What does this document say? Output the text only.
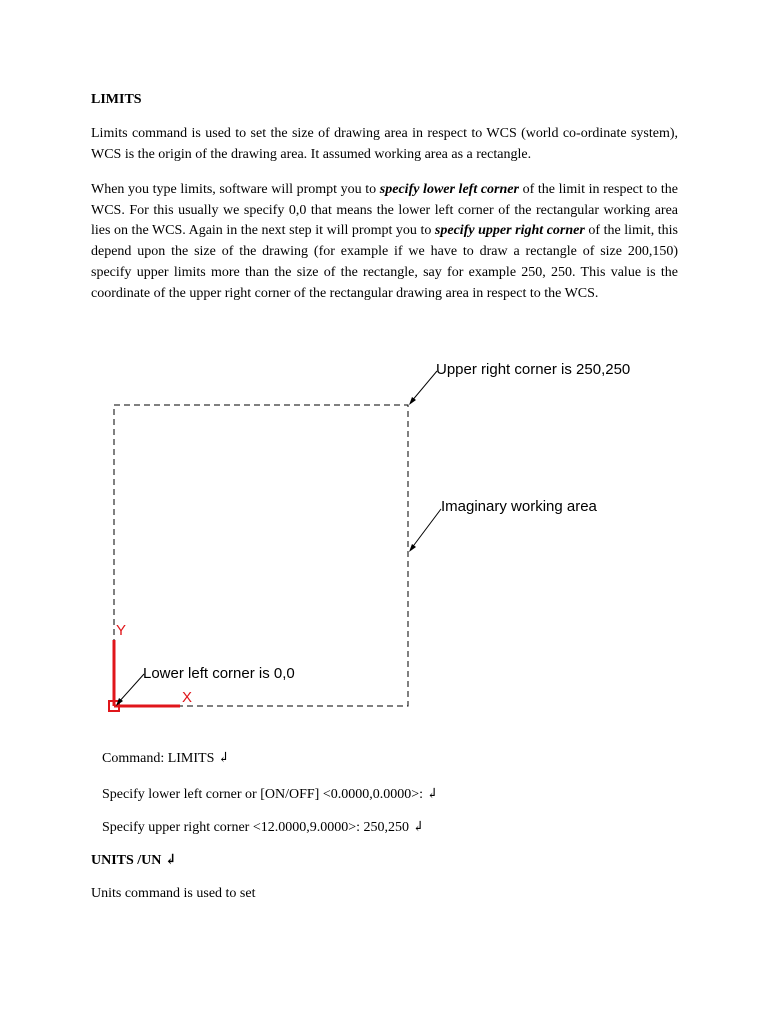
LIMITS

Limits command is used to set the size of drawing area in respect to WCS (world co-ordinate system), WCS is the origin of the drawing area. It assumed working area as a rectangle.

When you type limits, software will prompt you to specify lower left corner of the limit in respect to the WCS. For this usually we specify 0,0 that means the lower left corner of the rectangular working area lies on the WCS. Again in the next step it will prompt you to specify upper right corner of the limit, this depend upon the size of the drawing (for example if we have to draw a rectangle of size 200,150) specify upper limits more than the size of the rectangle, say for example 250, 250. This value is the coordinate of the upper right corner of the rectangular drawing area in respect to the WCS.

Upper right corner is 250,250
Imaginary working area
Y
X
Lower left corner is 0,0

Command: LIMITS ↲

Specify lower left corner or [ON/OFF] <0.0000,0.0000>: ↲

Specify upper right corner <12.0000,9.0000>: 250,250 ↲

UNITS /UN ↲

Units command is used to set
